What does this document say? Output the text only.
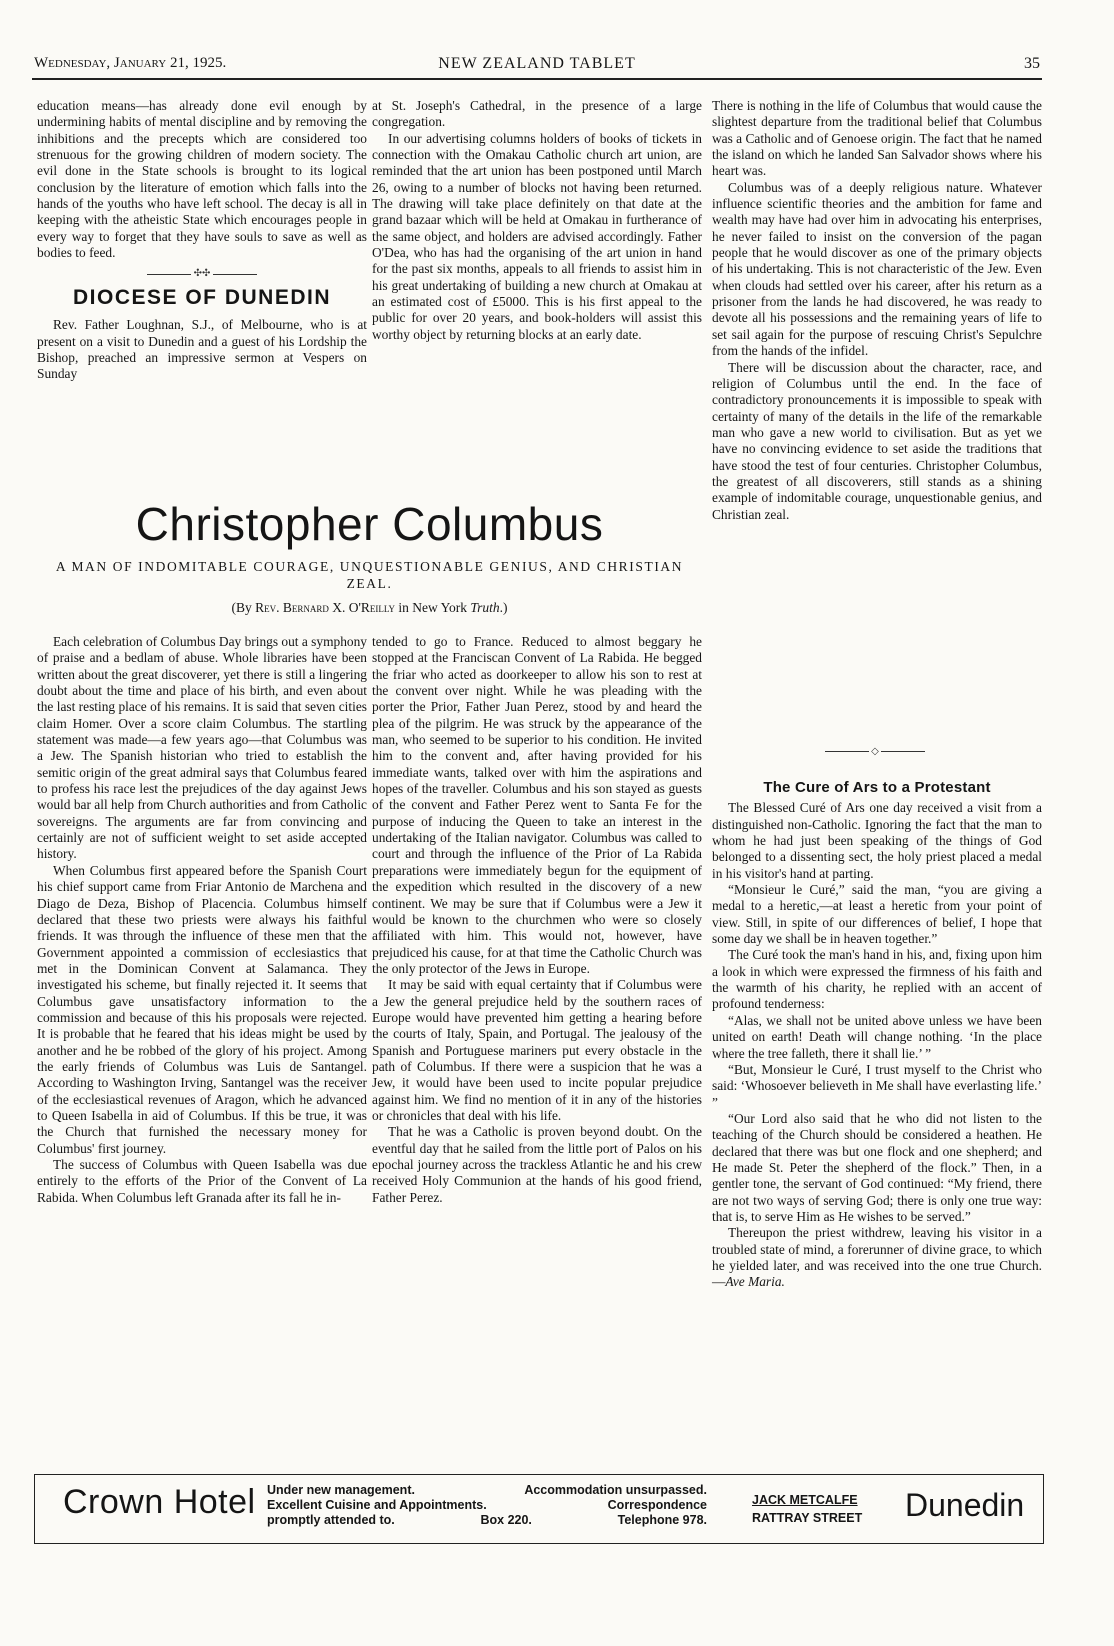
Wednesday, January 21, 1925.	NEW ZEALAND TABLET	35

education means—has already done evil enough by undermining habits of mental discipline and by removing the inhibitions and the precepts which are considered too strenuous for the growing children of modern society. The evil done in the State schools is brought to its logical conclusion by the literature of emotion which falls into the hands of the youths who have left school. The decay is all in keeping with the atheistic State which encourages people in every way to forget that they have souls to save as well as bodies to feed.

✣✣
DIOCESE OF DUNEDIN

Rev. Father Loughnan, S.J., of Melbourne, who is at present on a visit to Dunedin and a guest of his Lordship the Bishop, preached an impressive sermon at Vespers on Sunday

at St. Joseph's Cathedral, in the presence of a large congregation.

In our advertising columns holders of books of tickets in connection with the Omakau Catholic church art union, are reminded that the art union has been postponed until March 26, owing to a number of blocks not having been returned. The drawing will take place definitely on that date at the grand bazaar which will be held at Omakau in furtherance of the same object, and holders are advised accordingly. Father O'Dea, who has had the organising of the art union in hand for the past six months, appeals to all friends to assist him in his great undertaking of building a new church at Omakau at an estimated cost of £5000. This is his first appeal to the public for over 20 years, and book-holders will assist this worthy object by returning blocks at an early date.

There is nothing in the life of Columbus that would cause the slightest departure from the traditional belief that Columbus was a Catholic and of Genoese origin. The fact that he named the island on which he landed San Salvador shows where his heart was.

Columbus was of a deeply religious nature. Whatever influence scientific theories and the ambition for fame and wealth may have had over him in advocating his enterprises, he never failed to insist on the conversion of the pagan people that he would discover as one of the primary objects of his undertaking. This is not characteristic of the Jew. Even when clouds had settled over his career, after his return as a prisoner from the lands he had discovered, he was ready to devote all his possessions and the remaining years of life to set sail again for the purpose of rescuing Christ's Sepulchre from the hands of the infidel.

There will be discussion about the character, race, and religion of Columbus until the end. In the face of contradictory pronouncements it is impossible to speak with certainty of many of the details in the life of the remarkable man who gave a new world to civilisation. But as yet we have no convincing evidence to set aside the traditions that have stood the test of four centuries. Christopher Columbus, the greatest of all discoverers, still stands as a shining example of indomitable courage, unquestionable genius, and Christian zeal.

Christopher Columbus
A MAN OF INDOMITABLE COURAGE, UNQUESTIONABLE GENIUS, AND CHRISTIAN ZEAL.
(By Rev. Bernard X. O'Reilly in New York Truth.)

Each celebration of Columbus Day brings out a symphony of praise and a bedlam of abuse. Whole libraries have been written about the great discoverer, yet there is still a lingering doubt about the time and place of his birth, and even about the last resting place of his remains. It is said that seven cities claim Homer. Over a score claim Columbus. The startling statement was made—a few years ago—that Columbus was a Jew. The Spanish historian who tried to establish the semitic origin of the great admiral says that Columbus feared to profess his race lest the prejudices of the day against Jews would bar all help from Church authorities and from Catholic sovereigns. The arguments are far from convincing and certainly are not of sufficient weight to set aside accepted history.

When Columbus first appeared before the Spanish Court his chief support came from Friar Antonio de Marchena and Diago de Deza, Bishop of Placencia. Columbus himself declared that these two priests were always his faithful friends. It was through the influence of these men that the Government appointed a commission of ecclesiastics that met in the Dominican Convent at Salamanca. They investigated his scheme, but finally rejected it. It seems that Columbus gave unsatisfactory information to the commission and because of this his proposals were rejected. It is probable that he feared that his ideas might be used by another and he be robbed of the glory of his project. Among the early friends of Columbus was Luis de Santangel. According to Washington Irving, Santangel was the receiver of the ecclesiastical revenues of Aragon, which he advanced to Queen Isabella in aid of Columbus. If this be true, it was the Church that furnished the necessary money for Columbus' first journey.

The success of Columbus with Queen Isabella was due entirely to the efforts of the Prior of the Convent of La Rabida. When Columbus left Granada after its fall he in-

tended to go to France. Reduced to almost beggary he stopped at the Franciscan Convent of La Rabida. He begged the friar who acted as doorkeeper to allow his son to rest at the convent over night. While he was pleading with the porter the Prior, Father Juan Perez, stood by and heard the plea of the pilgrim. He was struck by the appearance of the man, who seemed to be superior to his condition. He invited him to the convent and, after having provided for his immediate wants, talked over with him the aspirations and hopes of the traveller. Columbus and his son stayed as guests of the convent and Father Perez went to Santa Fe for the purpose of inducing the Queen to take an interest in the undertaking of the Italian navigator. Columbus was called to court and through the influence of the Prior of La Rabida preparations were immediately begun for the equipment of the expedition which resulted in the discovery of a new continent. We may be sure that if Columbus were a Jew it would be known to the churchmen who were so closely affiliated with him. This would not, however, have prejudiced his cause, for at that time the Catholic Church was the only protector of the Jews in Europe.

It may be said with equal certainty that if Columbus were a Jew the general prejudice held by the southern races of Europe would have prevented him getting a hearing before the courts of Italy, Spain, and Portugal. The jealousy of the Spanish and Portuguese mariners put every obstacle in the path of Columbus. If there were a suspicion that he was a Jew, it would have been used to incite popular prejudice against him. We find no mention of it in any of the histories or chronicles that deal with his life.

That he was a Catholic is proven beyond doubt. On the eventful day that he sailed from the little port of Palos on his epochal journey across the trackless Atlantic he and his crew received Holy Communion at the hands of his good friend, Father Perez.

◇
The Cure of Ars to a Protestant

The Blessed Curé of Ars one day received a visit from a distinguished non-Catholic. Ignoring the fact that the man to whom he had just been speaking of the things of God belonged to a dissenting sect, the holy priest placed a medal in his visitor's hand at parting.

“Monsieur le Curé,” said the man, “you are giving a medal to a heretic,—at least a heretic from your point of view. Still, in spite of our differences of belief, I hope that some day we shall be in heaven together.”

The Curé took the man's hand in his, and, fixing upon him a look in which were expressed the firmness of his faith and the warmth of his charity, he replied with an accent of profound tenderness:

“Alas, we shall not be united above unless we have been united on earth! Death will change nothing. ‘In the place where the tree falleth, there it shall lie.’ ”

“But, Monsieur le Curé, I trust myself to the Christ who said: ‘Whosoever believeth in Me shall have everlasting life.’ ”

“Our Lord also said that he who did not listen to the teaching of the Church should be considered a heathen. He declared that there was but one flock and one shepherd; and He made St. Peter the shepherd of the flock.” Then, in a gentler tone, the servant of God continued: “My friend, there are not two ways of serving God; there is only one true way: that is, to serve Him as He wishes to be served.”

Thereupon the priest withdrew, leaving his visitor in a troubled state of mind, a forerunner of divine grace, to which he yielded later, and was received into the one true Church.—Ave Maria.

Crown Hotel Under new management.	Accommodation unsurpassed.
Excellent Cuisine and Appointments.	Correspondence
promptly attended to.	Box 220.	Telephone 978.
JACK METCALFE
RATTRAY STREET Dunedin
